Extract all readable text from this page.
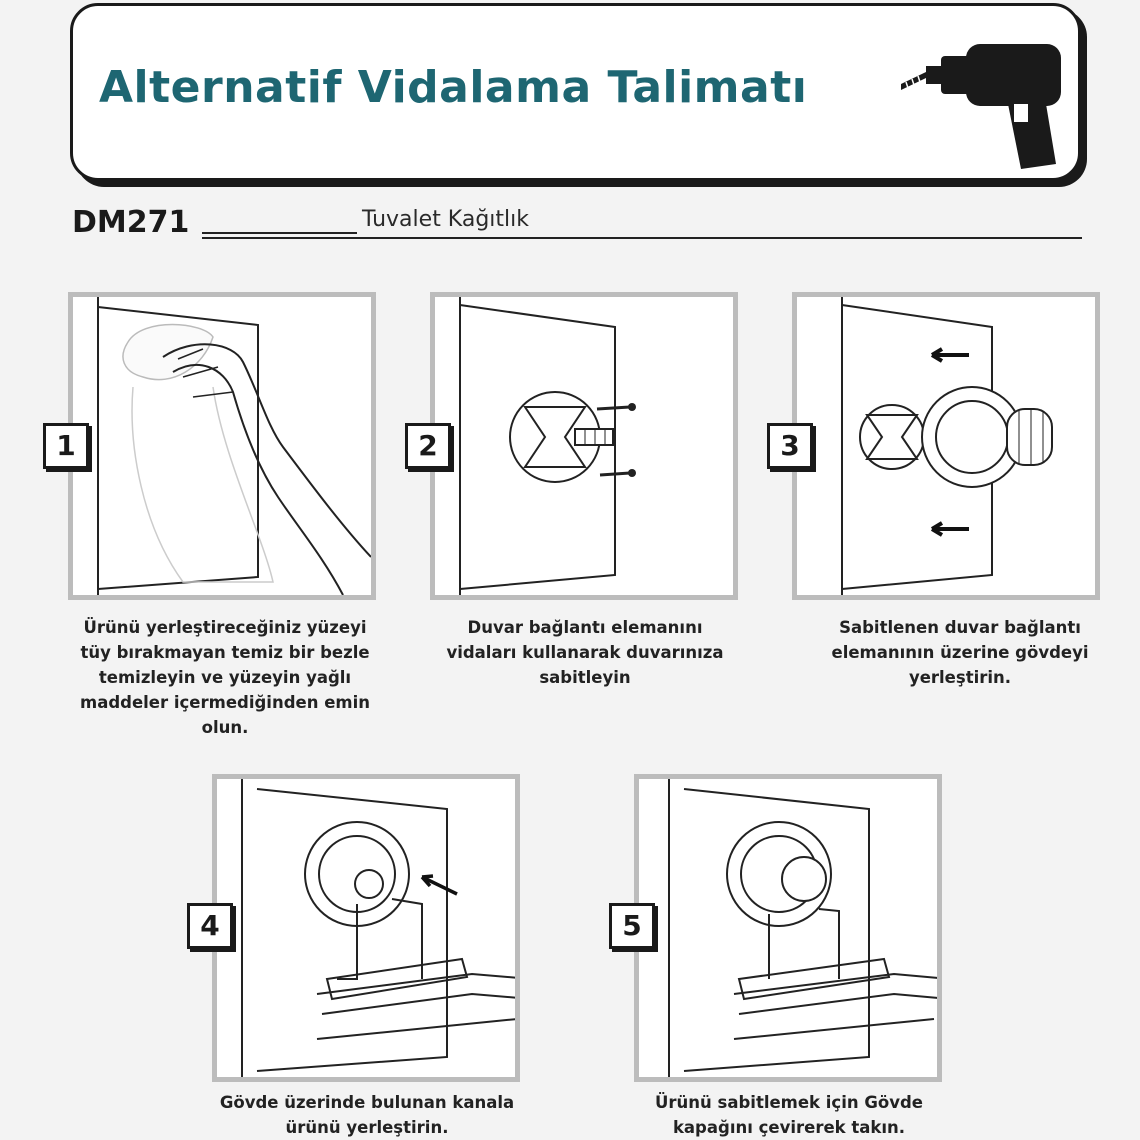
Alternatif Vidalama Talimatı
DM271	Tuvalet Kağıtlık
1
Ürünü yerleştireceğiniz yüzeyi tüy bırakmayan temiz bir bezle temizleyin ve yüzeyin yağlı maddeler içermediğinden emin olun.
2
Duvar bağlantı elemanını vidaları kullanarak duvarınıza sabitleyin
3
Sabitlenen duvar bağlantı elemanının üzerine gövdeyi yerleştirin.
4
Gövde üzerinde bulunan kanala ürünü yerleştirin.
5
Ürünü sabitlemek için Gövde kapağını çevirerek takın.
